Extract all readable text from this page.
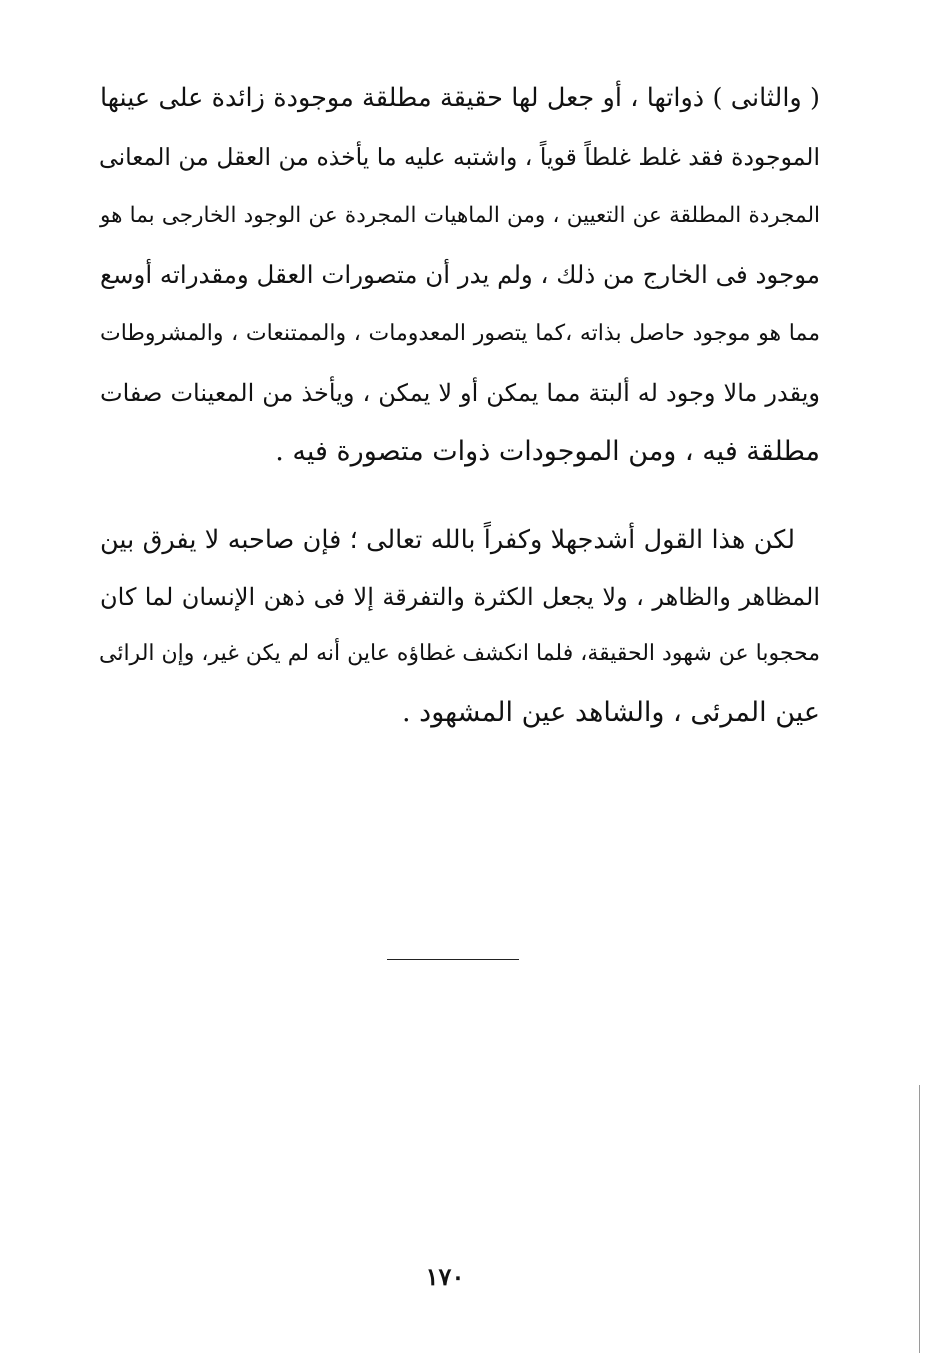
( والثانى ) ذواتها ، أو جعل لها حقيقة مطلقة موجودة زائدة على عينها
الموجودة فقد غلط غلطاً قوياً ، واشتبه عليه ما يأخذه من العقل من المعانى
المجردة المطلقة عن التعيين ، ومن الماهيات المجردة عن الوجود الخارجى بما هو
موجود فى الخارج من ذلك ، ولم يدر أن متصورات العقل ومقدراته أوسع
مما هو موجود حاصل بذاته ،كما يتصور المعدومات ، والممتنعات ، والمشروطات
ويقدر مالا وجود له ألبتة مما يمكن أو لا يمكن ، ويأخذ من المعينات صفات
مطلقة فيه ، ومن الموجودات ذوات متصورة فيه .
لكن هذا القول أشدجهلا وكفراً بالله تعالى ؛ فإن صاحبه لا يفرق بين
المظاهر والظاهر ، ولا يجعل الكثرة والتفرقة إلا فى ذهن الإنسان لما كان
محجوبا عن شهود الحقيقة، فلما انكشف غطاؤه عاين أنه لم يكن غير، وإن الرائى
عين المرئى ، والشاهد عين المشهود .
١٧٠
